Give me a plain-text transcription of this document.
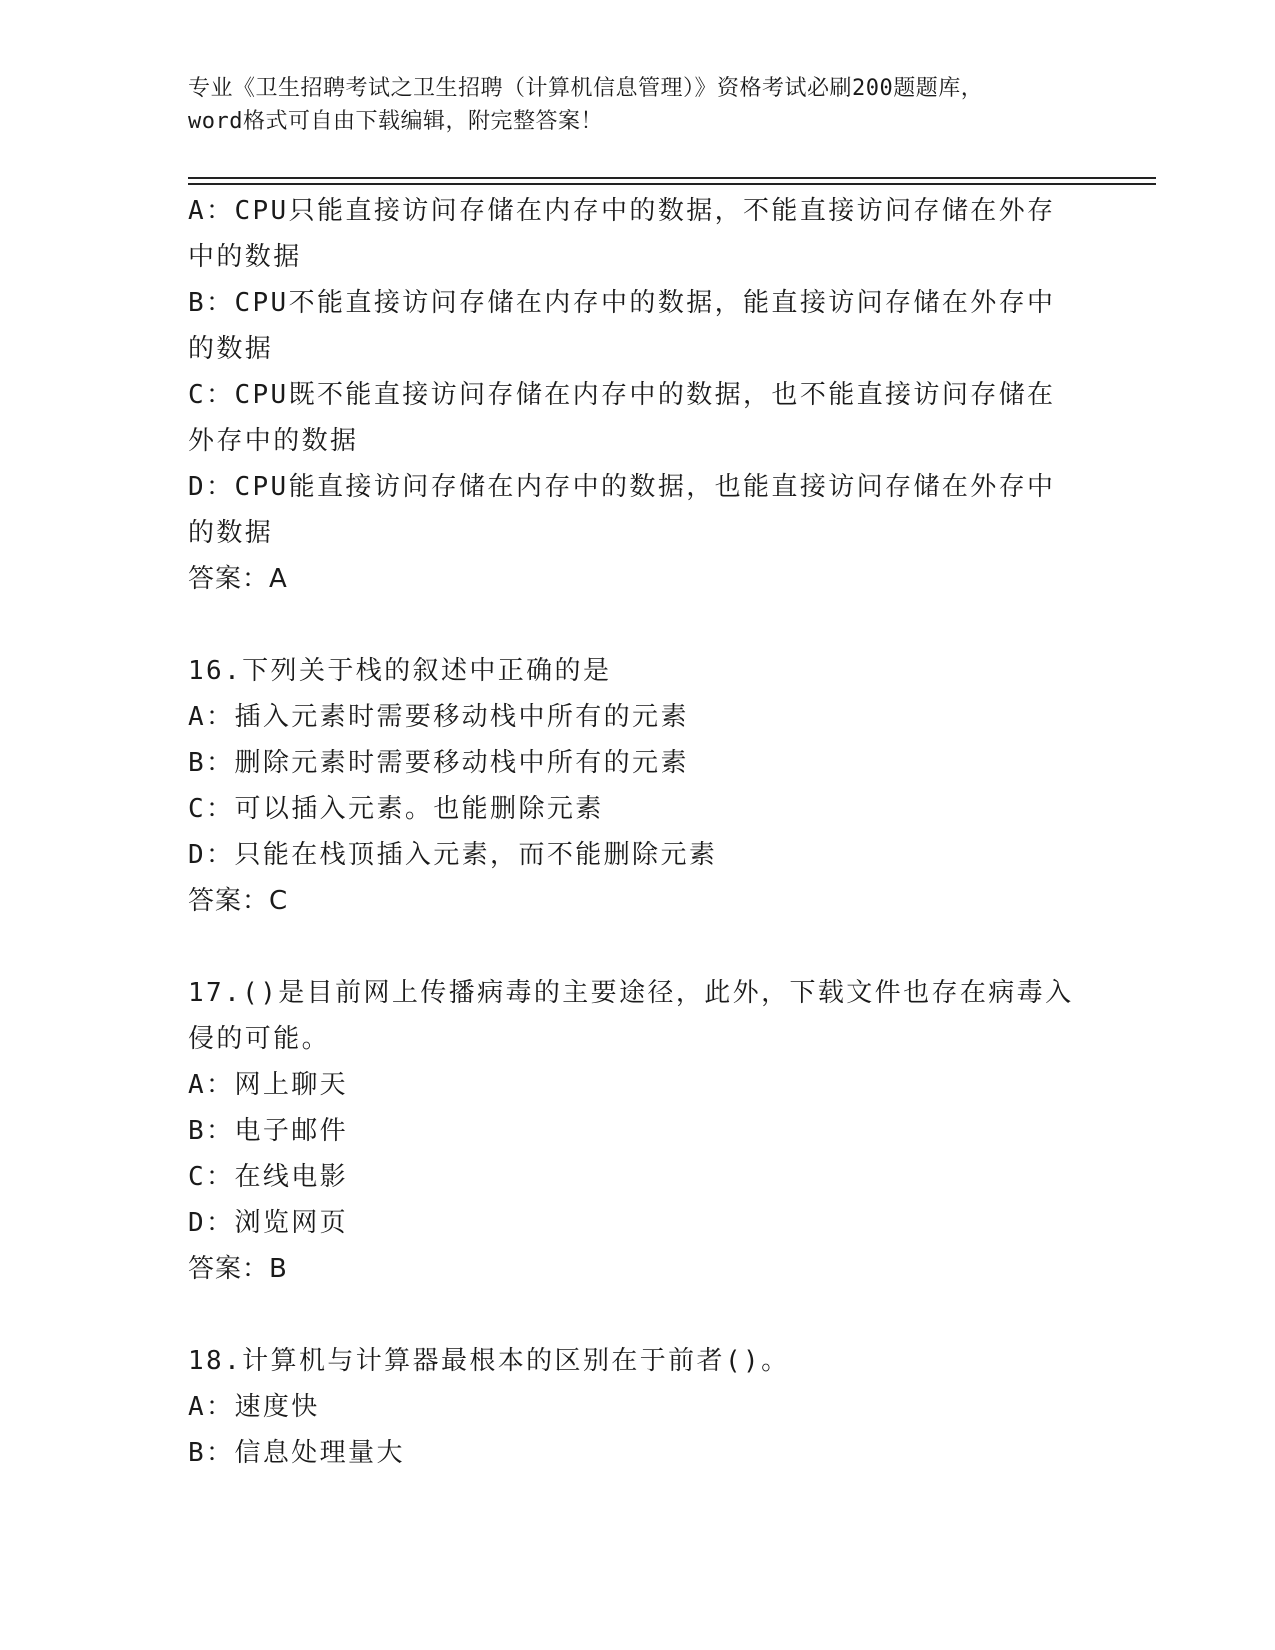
专业《卫生招聘考试之卫生招聘（计算机信息管理）》资格考试必刷200题题库，
word格式可自由下载编辑，附完整答案！
A：CPU只能直接访问存储在内存中的数据，不能直接访问存储在外存
中的数据
B：CPU不能直接访问存储在内存中的数据，能直接访问存储在外存中
的数据
C：CPU既不能直接访问存储在内存中的数据，也不能直接访问存储在
外存中的数据
D：CPU能直接访问存储在内存中的数据，也能直接访问存储在外存中
的数据
答案：A
16.下列关于栈的叙述中正确的是
A：插入元素时需要移动栈中所有的元素
B：删除元素时需要移动栈中所有的元素
C：可以插入元素。也能删除元素
D：只能在栈顶插入元素，而不能删除元素
答案：C
17.()是目前网上传播病毒的主要途径，此外，下载文件也存在病毒入
侵的可能。
A：网上聊天
B：电子邮件
C：在线电影
D：浏览网页
答案：B
18.计算机与计算器最根本的区别在于前者()。
A：速度快
B：信息处理量大
